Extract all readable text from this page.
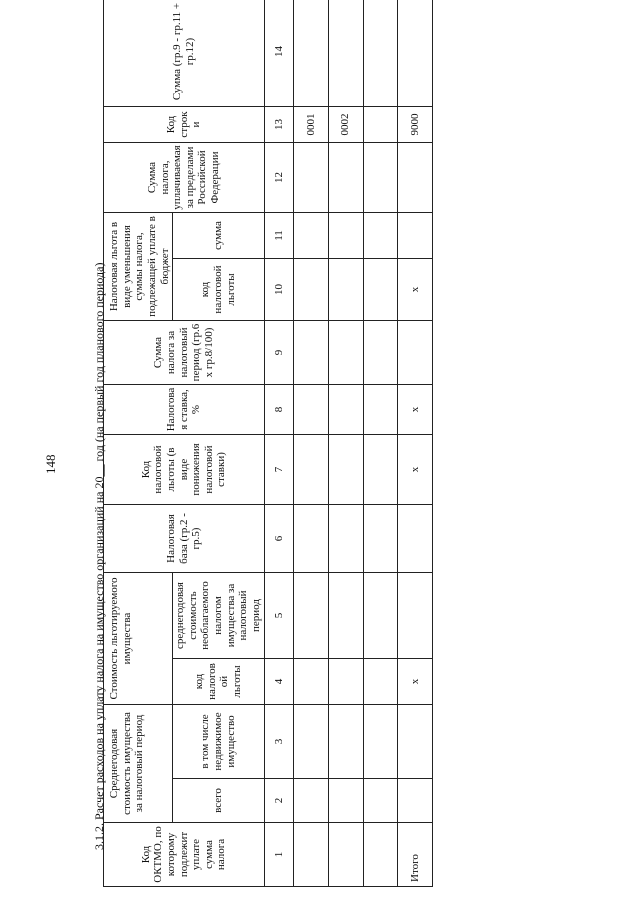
148	3.1.2. Расчет расходов на уплату налога на имущество организаций на 20__ год (на первый год планового периода)
Код ОКТМО, по которому подлежит уплате сумма налога	Среднегодовая стоимость имущества за налоговый период		Стоимость льготируемого имущества		Налоговая база (гр.2 - гр.5)	Код налоговой льготы (в виде понижения налоговой ставки)	Налоговая ставка, %	Сумма налога за налоговый период (гр.6 x гр.8/100)	Налоговая льгота в виде уменьшения суммы налога, подлежащей уплате в бюджет		Сумма налога, уплачиваемая за пределами Российской Федерации	Код строки	Сумма (гр.9 - гр.11 + гр.12)
	всего	в том числе недвижимое имущество	код налоговой льготы	среднегодовая стоимость необлагаемого налогом имущества за налоговый период					код налоговой льготы	сумма			
1	2	3	4	5	6	7	8	9	10	11	12	13	14
												0001	
												0002	

Итого			x			x	x		x			9000	
